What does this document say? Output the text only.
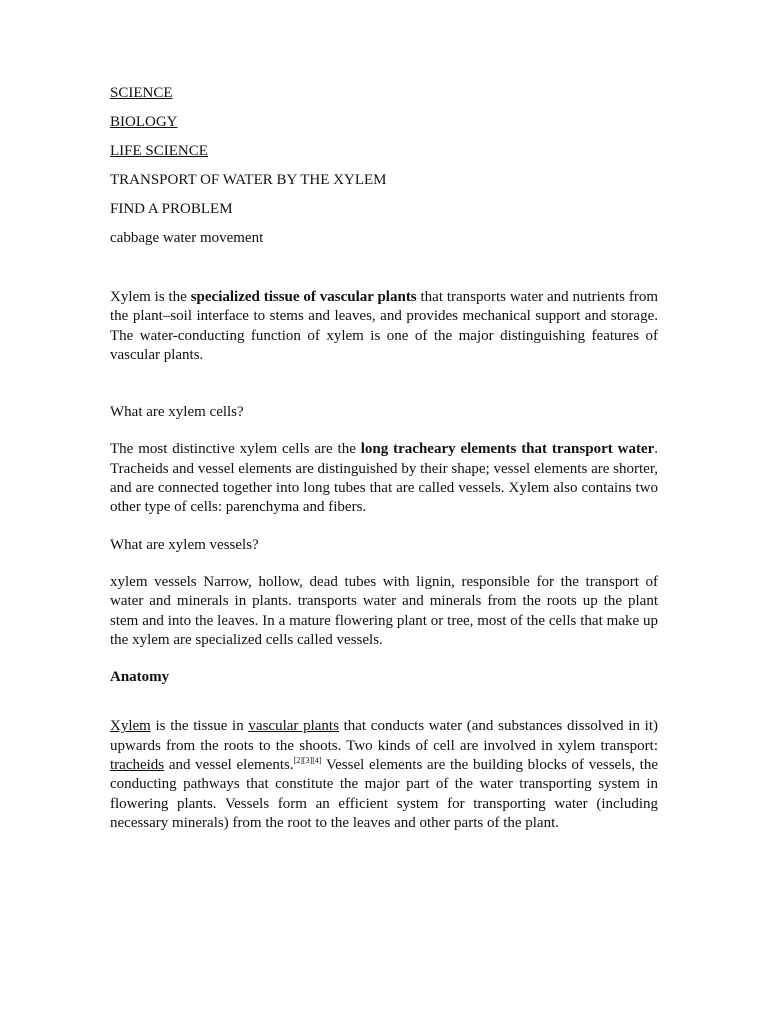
SCIENCE
BIOLOGY
LIFE SCIENCE
TRANSPORT OF WATER BY THE XYLEM
FIND A PROBLEM
cabbage water movement

Xylem is the specialized tissue of vascular plants that transports water and nutrients from the plant–soil interface to stems and leaves, and provides mechanical support and storage. The water-conducting function of xylem is one of the major distinguishing features of vascular plants.

What are xylem cells?

The most distinctive xylem cells are the long tracheary elements that transport water. Tracheids and vessel elements are distinguished by their shape; vessel elements are shorter, and are connected together into long tubes that are called vessels. Xylem also contains two other type of cells: parenchyma and fibers.

What are xylem vessels?

xylem vessels Narrow, hollow, dead tubes with lignin, responsible for the transport of water and minerals in plants. transports water and minerals from the roots up the plant stem and into the leaves. In a mature flowering plant or tree, most of the cells that make up the xylem are specialized cells called vessels.

Anatomy

Xylem is the tissue in vascular plants that conducts water (and substances dissolved in it) upwards from the roots to the shoots. Two kinds of cell are involved in xylem transport: tracheids and vessel elements.[2][3][4] Vessel elements are the building blocks of vessels, the conducting pathways that constitute the major part of the water transporting system in flowering plants. Vessels form an efficient system for transporting water (including necessary minerals) from the root to the leaves and other parts of the plant.
